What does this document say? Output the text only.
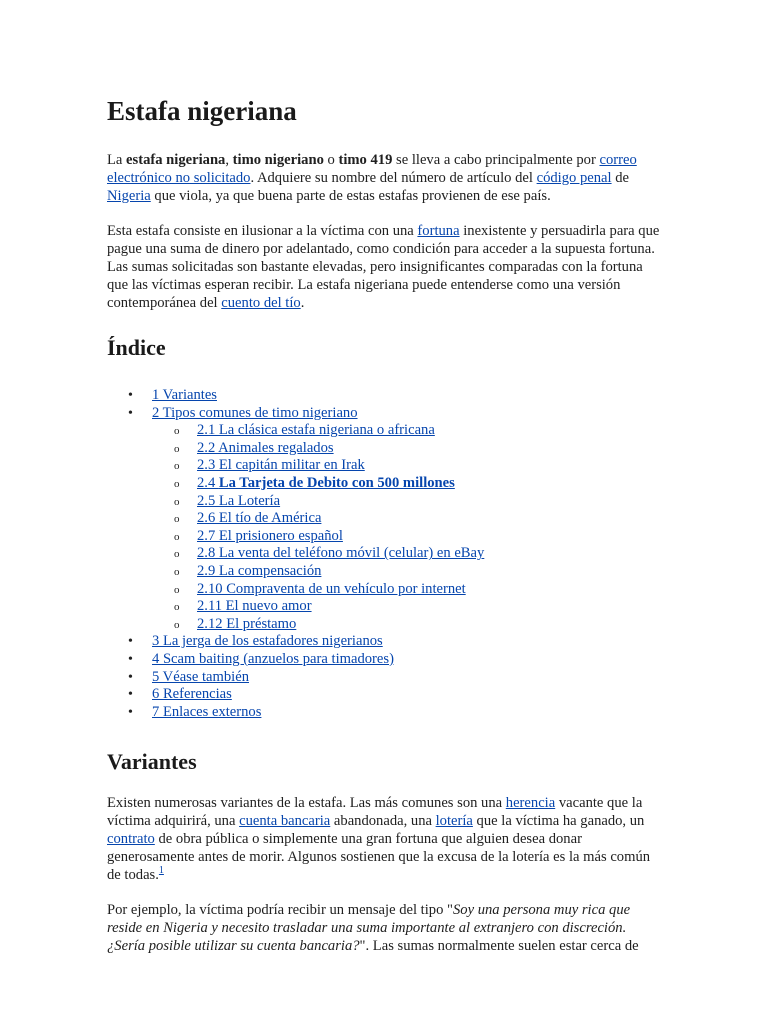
Estafa nigeriana

La estafa nigeriana, timo nigeriano o timo 419 se lleva a cabo principalmente por correo electrónico no solicitado. Adquiere su nombre del número de artículo del código penal de Nigeria que viola, ya que buena parte de estas estafas provienen de ese país.

Esta estafa consiste en ilusionar a la víctima con una fortuna inexistente y persuadirla para que pague una suma de dinero por adelantado, como condición para acceder a la supuesta fortuna. Las sumas solicitadas son bastante elevadas, pero insignificantes comparadas con la fortuna que las víctimas esperan recibir. La estafa nigeriana puede entenderse como una versión contemporánea del cuento del tío.

Índice
• 1 Variantes
• 2 Tipos comunes de timo nigeriano
o 2.1 La clásica estafa nigeriana o africana
o 2.2 Animales regalados
o 2.3 El capitán militar en Irak
o 2.4 La Tarjeta de Debito con 500 millones
o 2.5 La Lotería
o 2.6 El tío de América
o 2.7 El prisionero español
o 2.8 La venta del teléfono móvil (celular) en eBay
o 2.9 La compensación
o 2.10 Compraventa de un vehículo por internet
o 2.11 El nuevo amor
o 2.12 El préstamo
• 3 La jerga de los estafadores nigerianos
• 4 Scam baiting (anzuelos para timadores)
• 5 Véase también
• 6 Referencias
• 7 Enlaces externos
Variantes

Existen numerosas variantes de la estafa. Las más comunes son una herencia vacante que la víctima adquirirá, una cuenta bancaria abandonada, una lotería que la víctima ha ganado, un contrato de obra pública o simplemente una gran fortuna que alguien desea donar generosamente antes de morir. Algunos sostienen que la excusa de la lotería es la más común de todas.$^1$

Por ejemplo, la víctima podría recibir un mensaje del tipo "Soy una persona muy rica que reside en Nigeria y necesito trasladar una suma importante al extranjero con discreción. ¿Sería posible utilizar su cuenta bancaria?". Las sumas normalmente suelen estar cerca de
